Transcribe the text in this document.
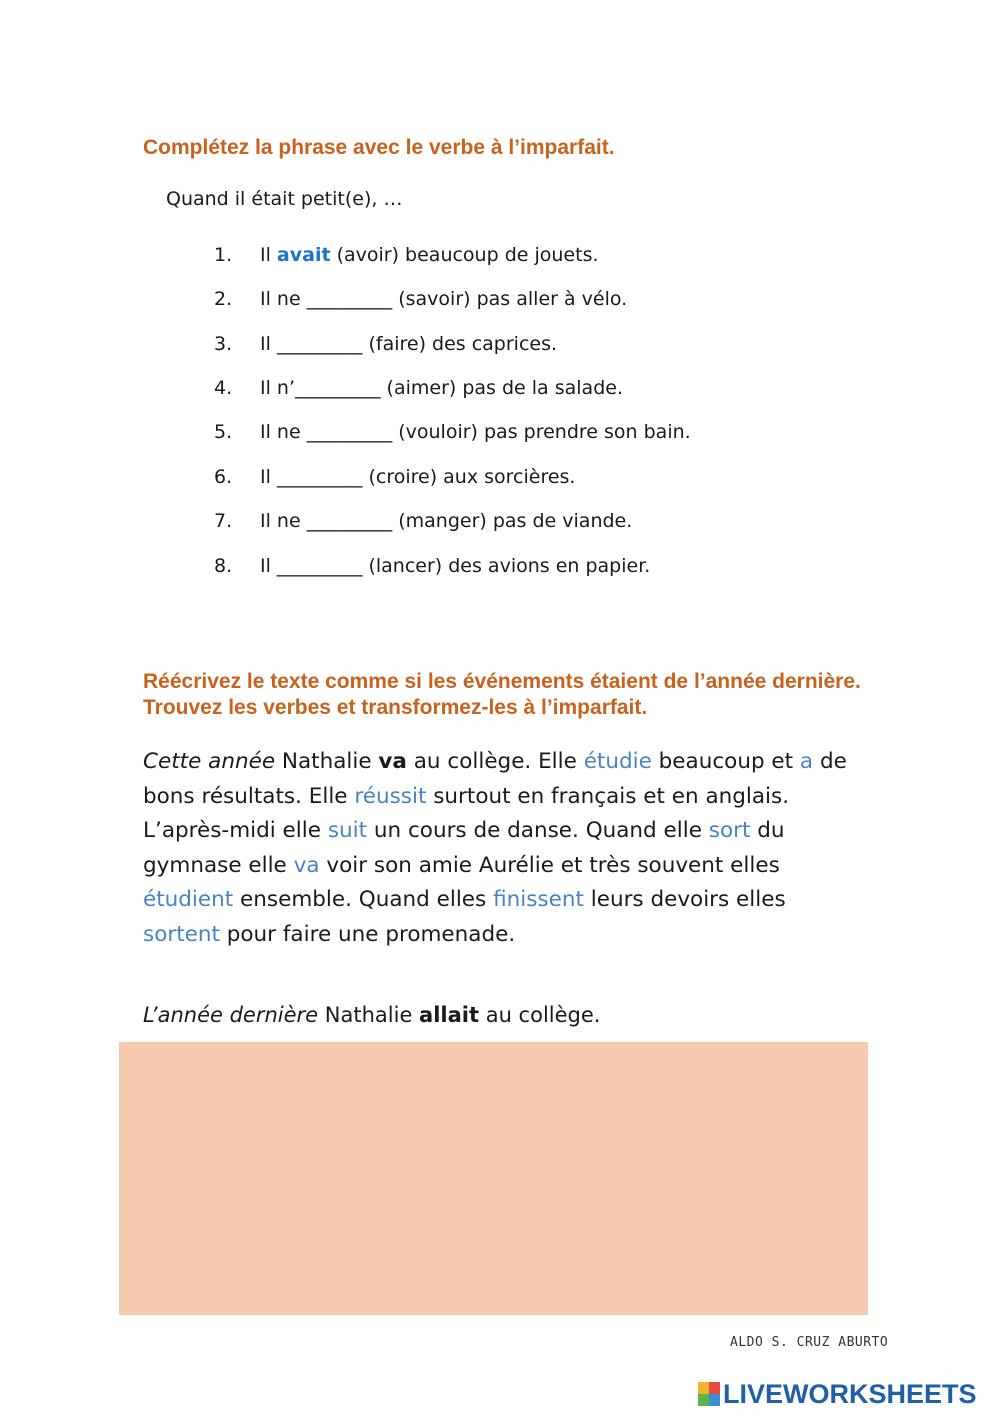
Complétez la phrase avec le verbe à l’imparfait.
Quand il était petit(e), …
1. Il avait (avoir) beaucoup de jouets.
2. Il ne _________ (savoir) pas aller à vélo.
3. Il _________ (faire) des caprices.
4. Il n’_________ (aimer) pas de la salade.
5. Il ne _________ (vouloir) pas prendre son bain.
6. Il _________ (croire) aux sorcières.
7. Il ne _________ (manger) pas de viande.
8. Il _________ (lancer) des avions en papier.
Réécrivez le texte comme si les événements étaient de l’année dernière. Trouvez les verbes et transformez-les à l’imparfait.

Cette année Nathalie va au collège. Elle étudie beaucoup et a de bons résultats. Elle réussit surtout en français et en anglais. L’après-midi elle suit un cours de danse. Quand elle sort du gymnase elle va voir son amie Aurélie et très souvent elles étudient ensemble. Quand elles finissent leurs devoirs elles sortent pour faire une promenade.

L’année dernière Nathalie allait au collège.
ALDO S. CRUZ ABURTO
LIVEWORKSHEETS
